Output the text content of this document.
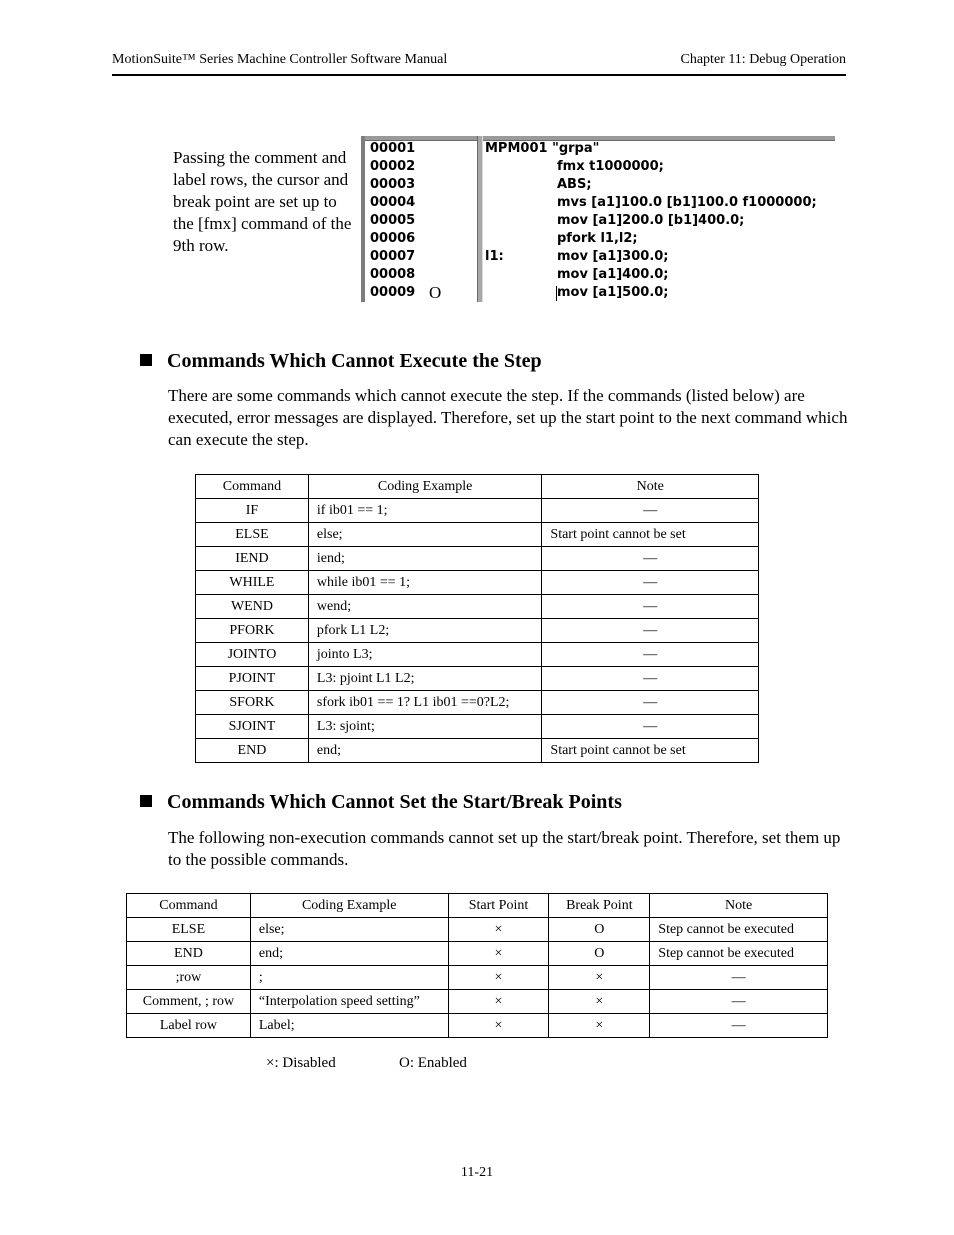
MotionSuite™ Series Machine Controller Software Manual	Chapter 11: Debug Operation
Passing the comment and label rows, the cursor and break point are set up to the [fmx] command of the 9th row.
00001	MPM001 "grpa"
00002	fmx t1000000;
00003	ABS;
00004	mvs [a1]100.0 [b1]100.0 f1000000;
00005	mov [a1]200.0 [b1]400.0;
00006	pfork l1,l2;
00007	l1:	mov [a1]300.0;
00008	mov [a1]400.0;
00009 O	mov [a1]500.0;
Commands Which Cannot Execute the Step
There are some commands which cannot execute the step. If the commands (listed below) are executed, error messages are displayed. Therefore, set up the start point to the next command which can execute the step.
Command	Coding Example	Note
IF	if ib01 == 1;	—
ELSE	else;	Start point cannot be set
IEND	iend;	—
WHILE	while ib01 == 1;	—
WEND	wend;	—
PFORK	pfork L1 L2;	—
JOINTO	jointo L3;	—
PJOINT	L3: pjoint L1 L2;	—
SFORK	sfork ib01 == 1? L1 ib01 ==0?L2;	—
SJOINT	L3: sjoint;	—
END	end;	Start point cannot be set
Commands Which Cannot Set the Start/Break Points
The following non-execution commands cannot set up the start/break point. Therefore, set them up to the possible commands.
Command	Coding Example	Start Point	Break Point	Note
ELSE	else;	×	O	Step cannot be executed
END	end;	×	O	Step cannot be executed
;row	;	×	×	—
Comment, ; row	“Interpolation speed setting”	×	×	—
Label row	Label;	×	×	—
×: Disabled	O: Enabled
11-21
